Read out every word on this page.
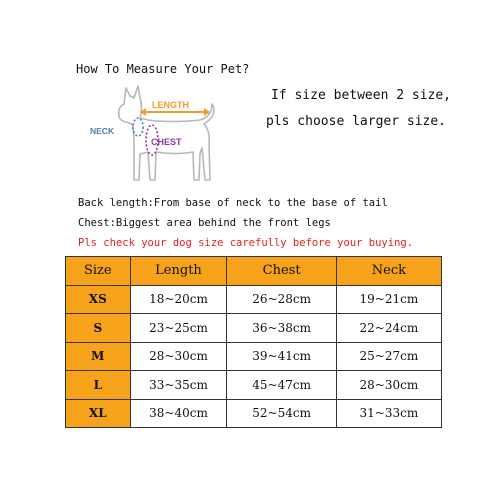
How To Measure Your Pet?
LENGTH
NECK
CHEST
If size between 2 size,
pls choose larger size.
Back length:From base of neck to the base of tail
Chest:Biggest area behind the front legs
Pls check your dog size carefully before your buying.
Size	Length	Chest	Neck
XS	18~20cm	26~28cm	19~21cm
S	23~25cm	36~38cm	22~24cm
M	28~30cm	39~41cm	25~27cm
L	33~35cm	45~47cm	28~30cm
XL	38~40cm	52~54cm	31~33cm
